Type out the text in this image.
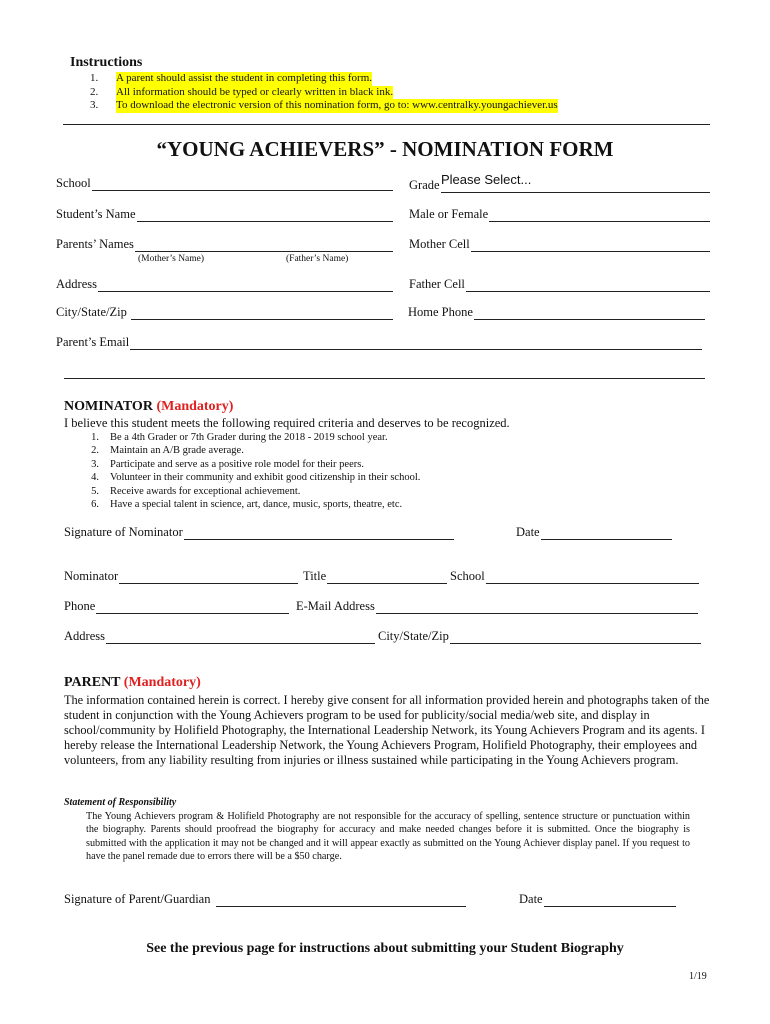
Instructions
1.	A parent should assist the student in completing this form.
2.	All information should be typed or clearly written in black ink.
3.	To download the electronic version of this nomination form, go to: www.centralky.youngachiever.us
“YOUNG ACHIEVERS” - NOMINATION FORM
School	Grade Please Select...
Student’s Name	Male or Female
Parents’ Names	Mother Cell
(Mother’s Name)	(Father’s Name)
Address	Father Cell
City/State/Zip	Home Phone
Parent’s Email
NOMINATOR (Mandatory)
I believe this student meets the following required criteria and deserves to be recognized.
1.	Be a 4th Grader or 7th Grader during the 2018 - 2019 school year.
2.	Maintain an A/B grade average.
3.	Participate and serve as a positive role model for their peers.
4.	Volunteer in their community and exhibit good citizenship in their school.
5.	Receive awards for exceptional achievement.
6.	Have a special talent in science, art, dance, music, sports, theatre, etc.
Signature of Nominator	Date
Nominator	Title	School
Phone	E-Mail Address
Address	City/State/Zip
PARENT (Mandatory)
The information contained herein is correct. I hereby give consent for all information provided herein and photographs taken of the student in conjunction with the Young Achievers program to be used for publicity/social media/web site, and display in school/community by Holifield Photography, the International Leadership Network, its Young Achievers Program and its agents. I hereby release the International Leadership Network, the Young Achievers Program, Holifield Photography, their employees and volunteers, from any liability resulting from injuries or illness sustained while participating in the Young Achievers program.
Statement of Responsibility
The Young Achievers program & Holifield Photography are not responsible for the accuracy of spelling, sentence structure or punctuation within the biography. Parents should proofread the biography for accuracy and make needed changes before it is submitted. Once the biography is submitted with the application it may not be changed and it will appear exactly as submitted on the Young Achiever display panel. If you request to have the panel remade due to errors there will be a $50 charge.
Signature of Parent/Guardian	Date
See the previous page for instructions about submitting your Student Biography
1/19
